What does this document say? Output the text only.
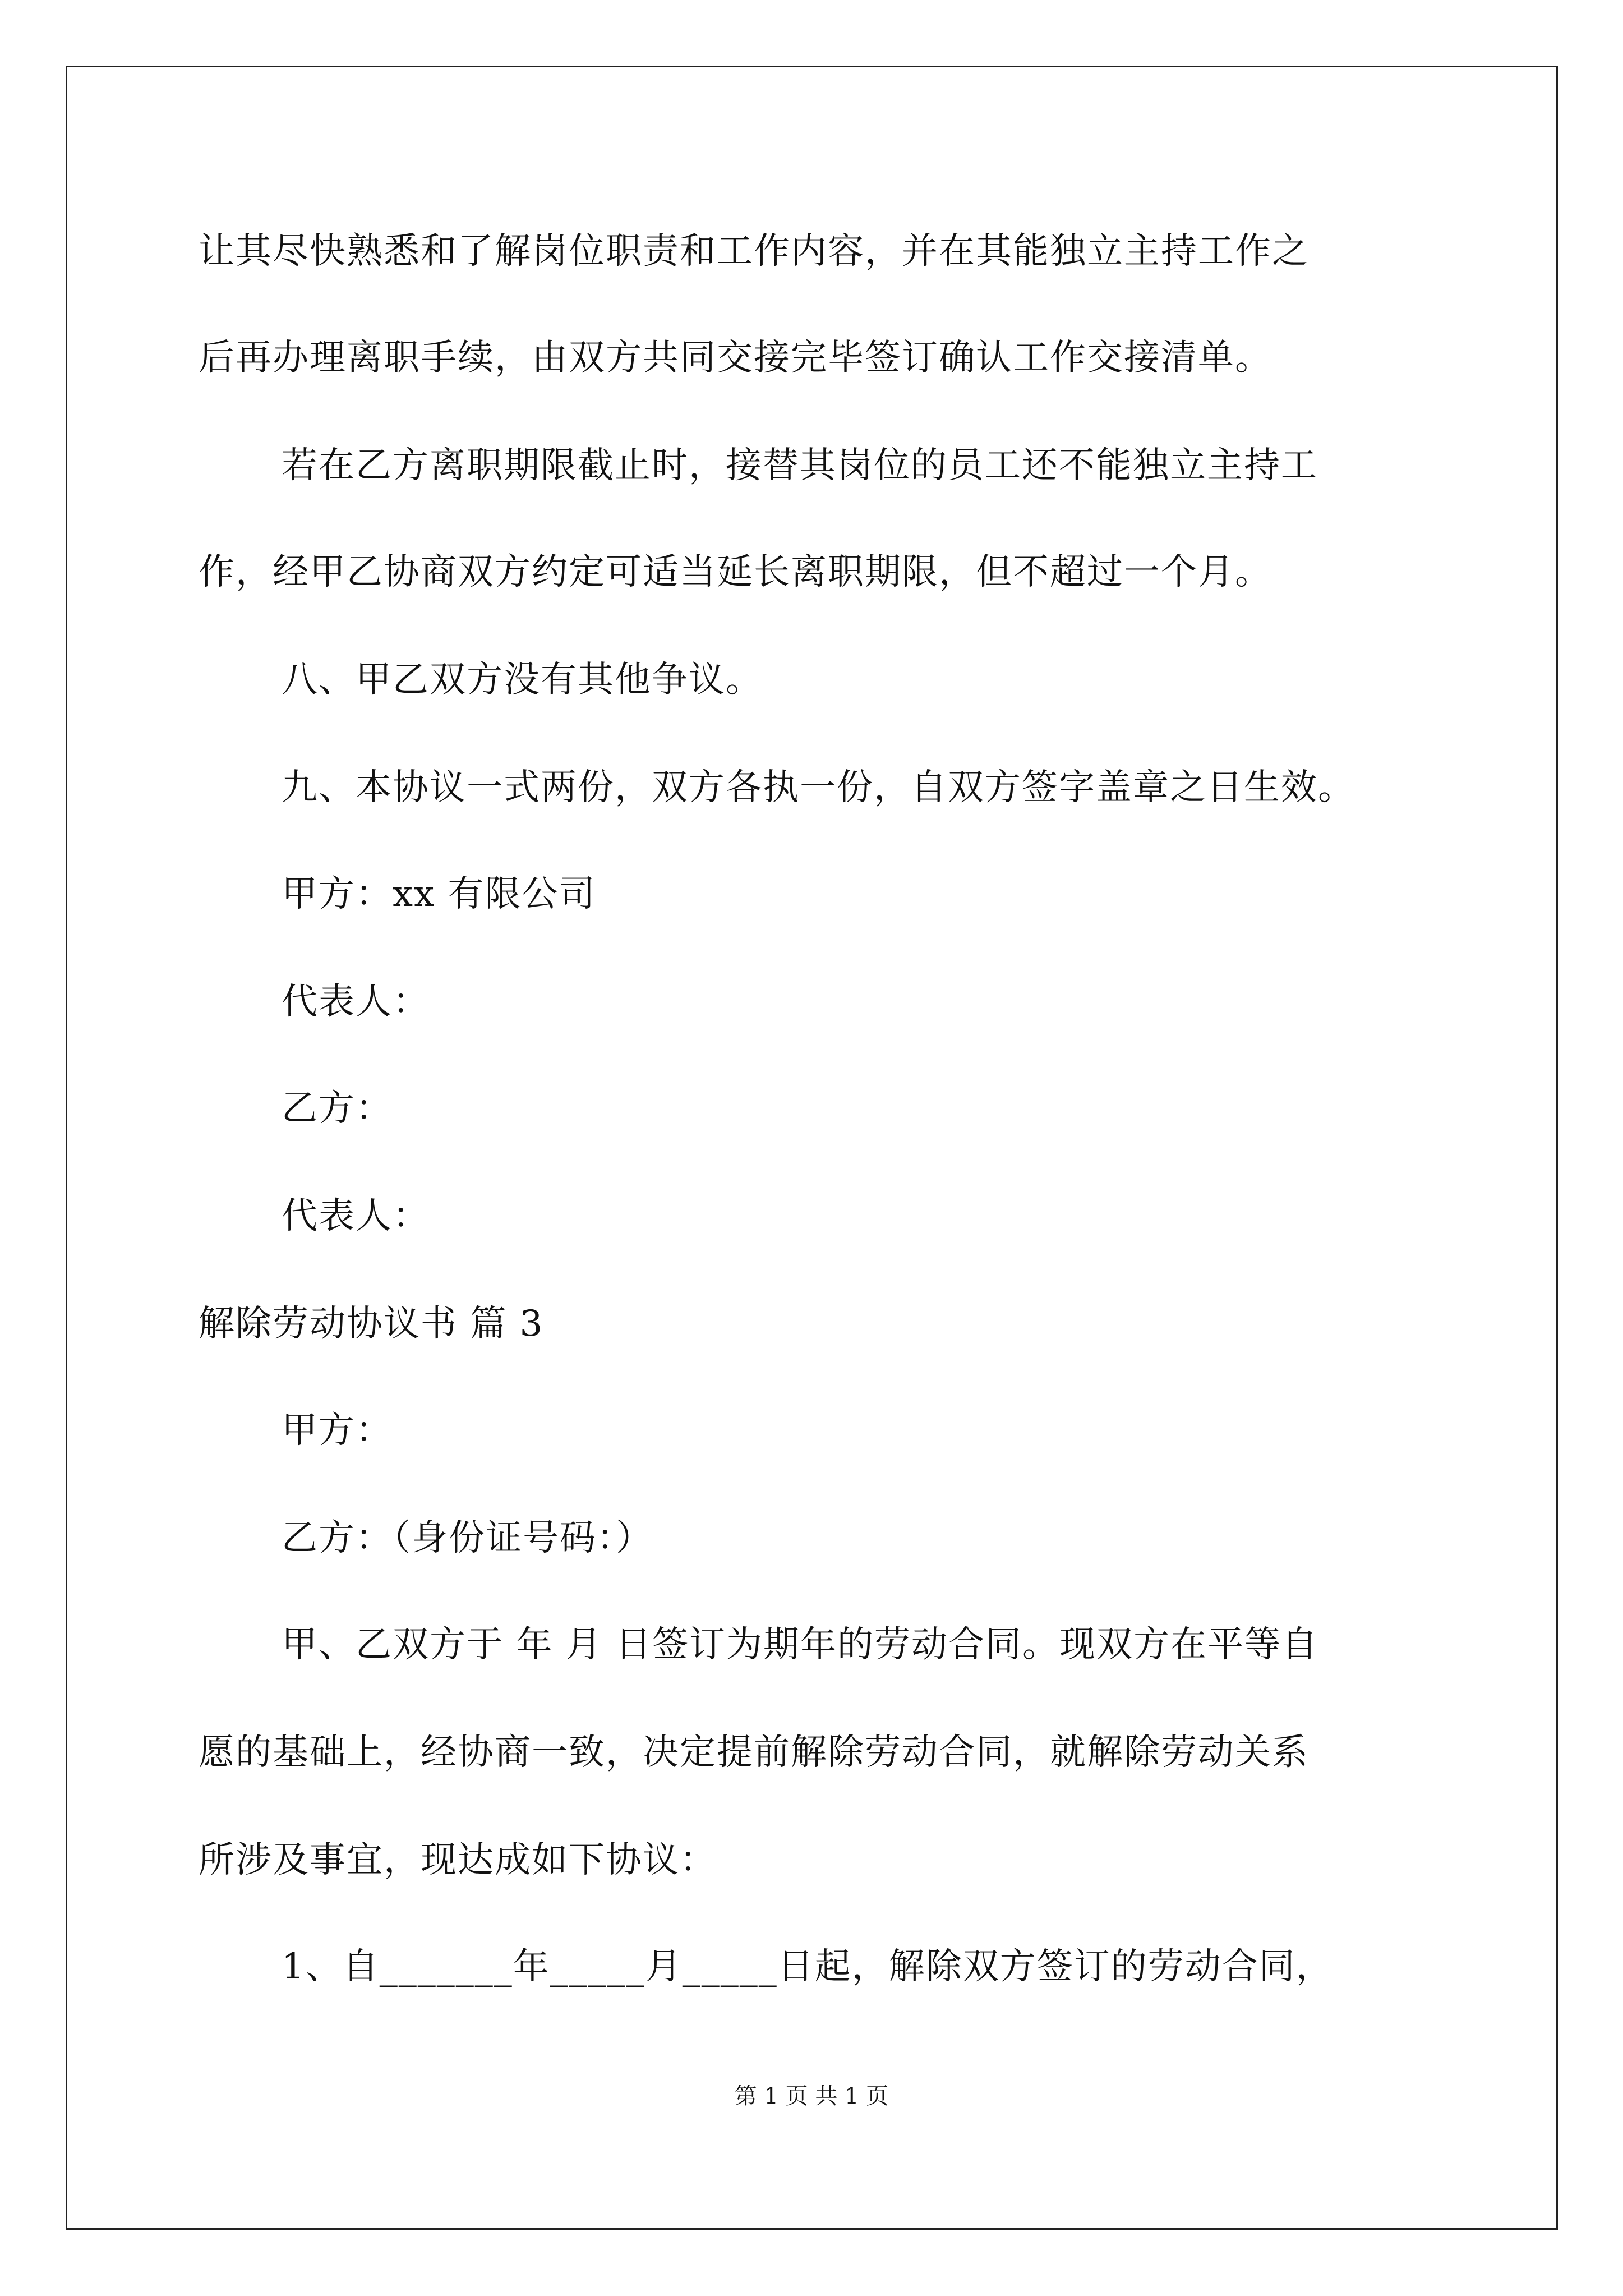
让其尽快熟悉和了解岗位职责和工作内容，并在其能独立主持工作之
后再办理离职手续，由双方共同交接完毕签订确认工作交接清单。
若在乙方离职期限截止时，接替其岗位的员工还不能独立主持工
作，经甲乙协商双方约定可适当延长离职期限，但不超过一个月。
八、甲乙双方没有其他争议。
九、本协议一式两份，双方各执一份，自双方签字盖章之日生效。
甲方：xx 有限公司
代表人：
乙方：
代表人：
解除劳动协议书 篇 3
甲方：
乙方：（身份证号码：）
甲、乙双方于 年 月 日签订为期年的劳动合同。现双方在平等自
愿的基础上，经协商一致，决定提前解除劳动合同，就解除劳动关系
所涉及事宜，现达成如下协议：
1、自_______年_____月_____日起，解除双方签订的劳动合同，
第 1 页 共 1 页
